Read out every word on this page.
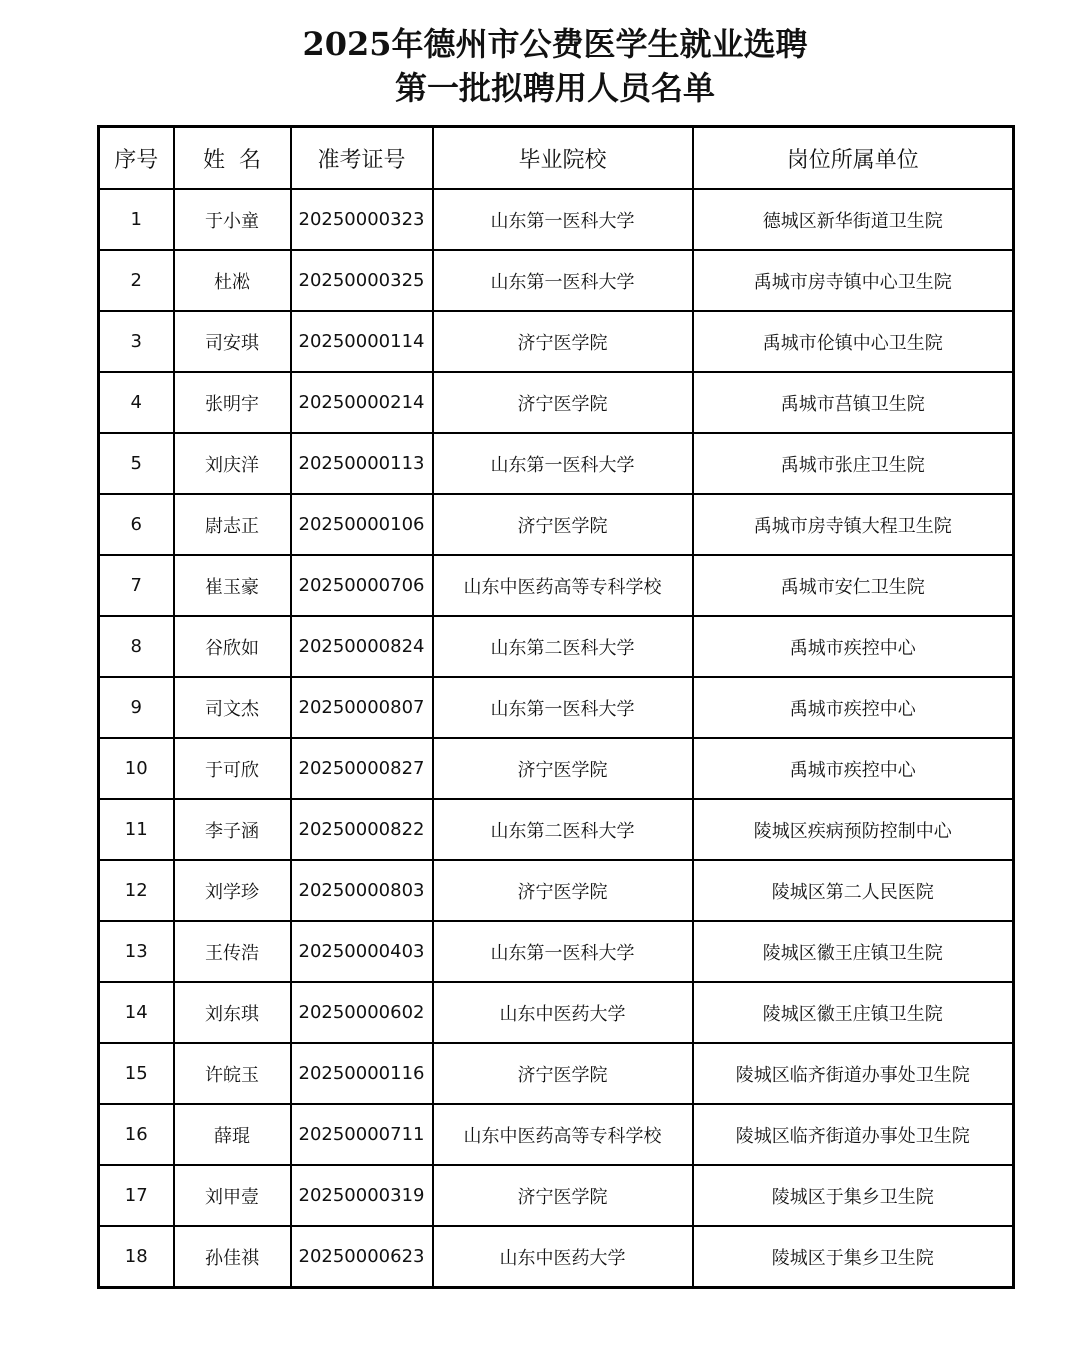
2025年德州市公费医学生就业选聘
第一批拟聘用人员名单
序号	姓  名	准考证号	毕业院校	岗位所属单位
1	于小童	20250000323	山东第一医科大学	德城区新华街道卫生院
2	杜凇	20250000325	山东第一医科大学	禹城市房寺镇中心卫生院
3	司安琪	20250000114	济宁医学院	禹城市伦镇中心卫生院
4	张明宇	20250000214	济宁医学院	禹城市莒镇卫生院
5	刘庆洋	20250000113	山东第一医科大学	禹城市张庄卫生院
6	尉志正	20250000106	济宁医学院	禹城市房寺镇大程卫生院
7	崔玉豪	20250000706	山东中医药高等专科学校	禹城市安仁卫生院
8	谷欣如	20250000824	山东第二医科大学	禹城市疾控中心
9	司文杰	20250000807	山东第一医科大学	禹城市疾控中心
10	于可欣	20250000827	济宁医学院	禹城市疾控中心
11	李子涵	20250000822	山东第二医科大学	陵城区疾病预防控制中心
12	刘学珍	20250000803	济宁医学院	陵城区第二人民医院
13	王传浩	20250000403	山东第一医科大学	陵城区徽王庄镇卫生院
14	刘东琪	20250000602	山东中医药大学	陵城区徽王庄镇卫生院
15	许皖玉	20250000116	济宁医学院	陵城区临齐街道办事处卫生院
16	薛琨	20250000711	山东中医药高等专科学校	陵城区临齐街道办事处卫生院
17	刘甲壹	20250000319	济宁医学院	陵城区于集乡卫生院
18	孙佳祺	20250000623	山东中医药大学	陵城区于集乡卫生院
